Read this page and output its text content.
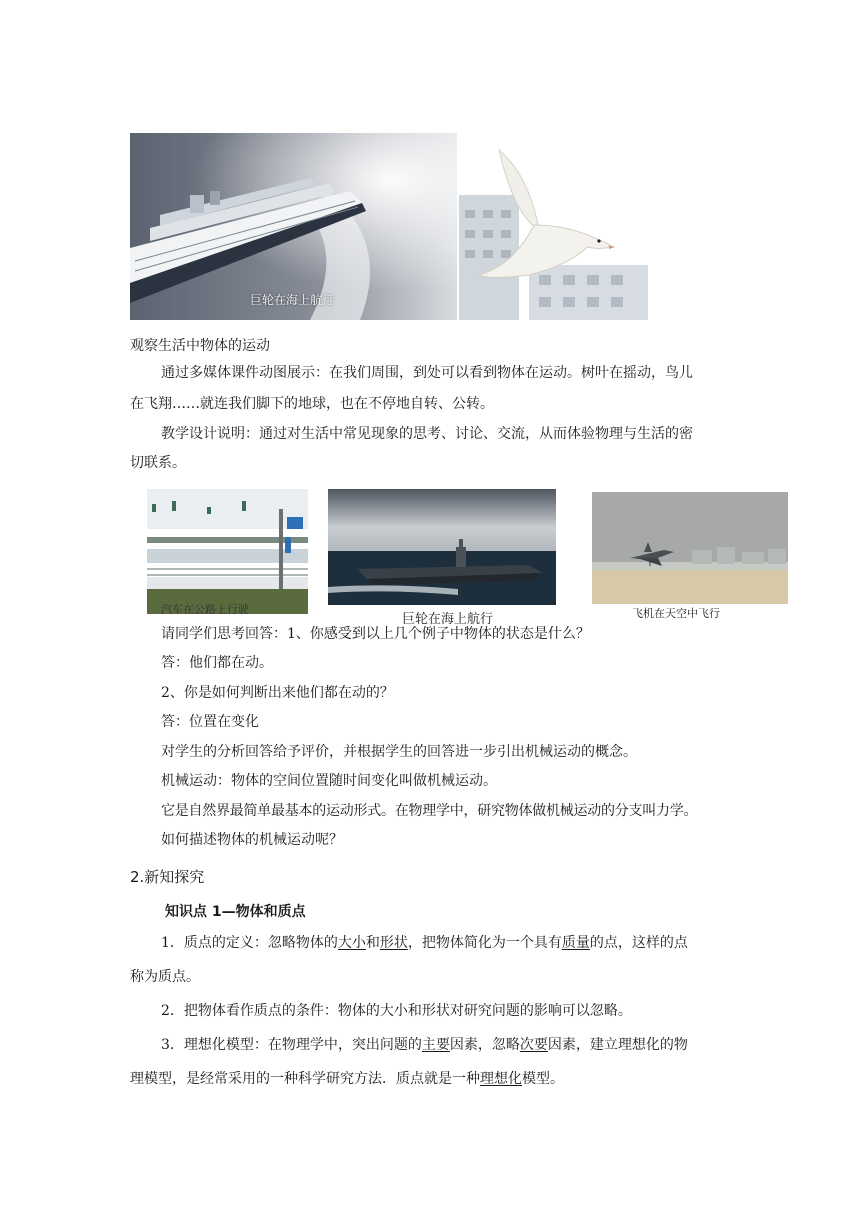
巨轮在海上航行
观察生活中物体的运动
通过多媒体课件动图展示：在我们周围，到处可以看到物体在运动。树叶在摇动，鸟儿
在飞翔……就连我们脚下的地球，也在不停地自转、公转。
教学设计说明：通过对生活中常见现象的思考、讨论、交流，从而体验物理与生活的密
切联系。
汽车在公路上行驶
巨轮在海上航行	飞机在天空中飞行
请同学们思考回答：1、你感受到以上几个例子中物体的状态是什么？
答：他们都在动。
2、你是如何判断出来他们都在动的？
答：位置在变化
对学生的分析回答给予评价，并根据学生的回答进一步引出机械运动的概念。
机械运动：物体的空间位置随时间变化叫做机械运动。
它是自然界最简单最基本的运动形式。在物理学中，研究物体做机械运动的分支叫力学。
如何描述物体的机械运动呢？
2.新知探究
知识点 1—物体和质点
1．质点的定义：忽略物体的大小和形状，把物体简化为一个具有质量的点，这样的点
称为质点。
2．把物体看作质点的条件：物体的大小和形状对研究问题的影响可以忽略。
3．理想化模型：在物理学中，突出问题的主要因素，忽略次要因素，建立理想化的物
理模型，是经常采用的一种科学研究方法．质点就是一种理想化模型。
